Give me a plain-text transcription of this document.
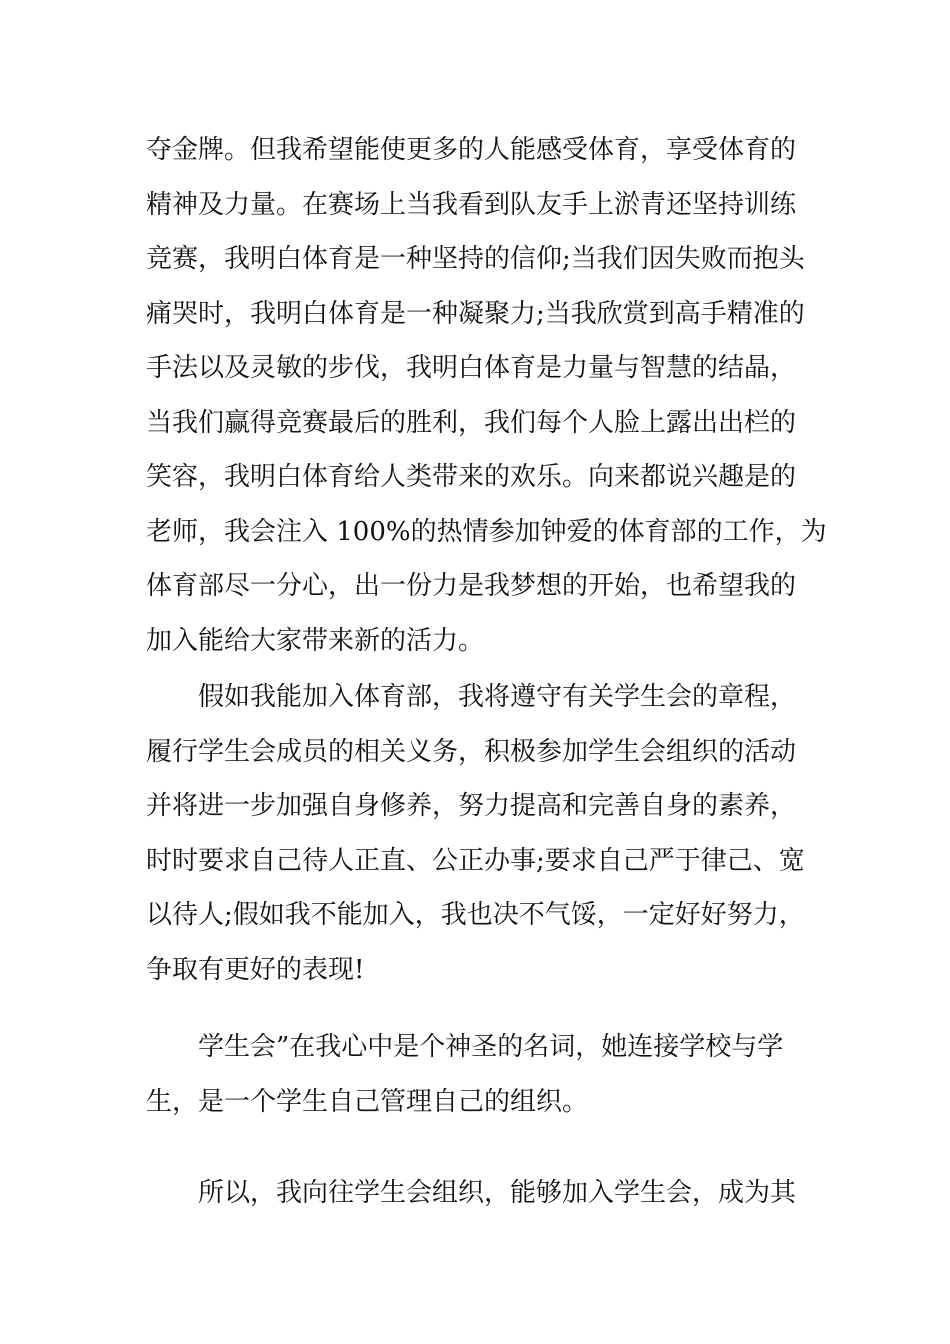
夺金牌。但我希望能使更多的人能感受体育，享受体育的
精神及力量。在赛场上当我看到队友手上淤青还坚持训练
竞赛，我明白体育是一种坚持的信仰;当我们因失败而抱头
痛哭时，我明白体育是一种凝聚力;当我欣赏到高手精准的
手法以及灵敏的步伐，我明白体育是力量与智慧的结晶，
当我们赢得竞赛最后的胜利，我们每个人脸上露出出栏的
笑容，我明白体育给人类带来的欢乐。向来都说兴趣是的
老师，我会注入 100%的热情参加钟爱的体育部的工作，为
体育部尽一分心，出一份力是我梦想的开始，也希望我的
加入能给大家带来新的活力。
假如我能加入体育部，我将遵守有关学生会的章程，
履行学生会成员的相关义务，积极参加学生会组织的活动
并将进一步加强自身修养，努力提高和完善自身的素养，
时时要求自己待人正直、公正办事;要求自己严于律己、宽
以待人;假如我不能加入，我也决不气馁，一定好好努力，
争取有更好的表现!
学生会”在我心中是个神圣的名词，她连接学校与学
生，是一个学生自己管理自己的组织。
所以，我向往学生会组织，能够加入学生会，成为其
